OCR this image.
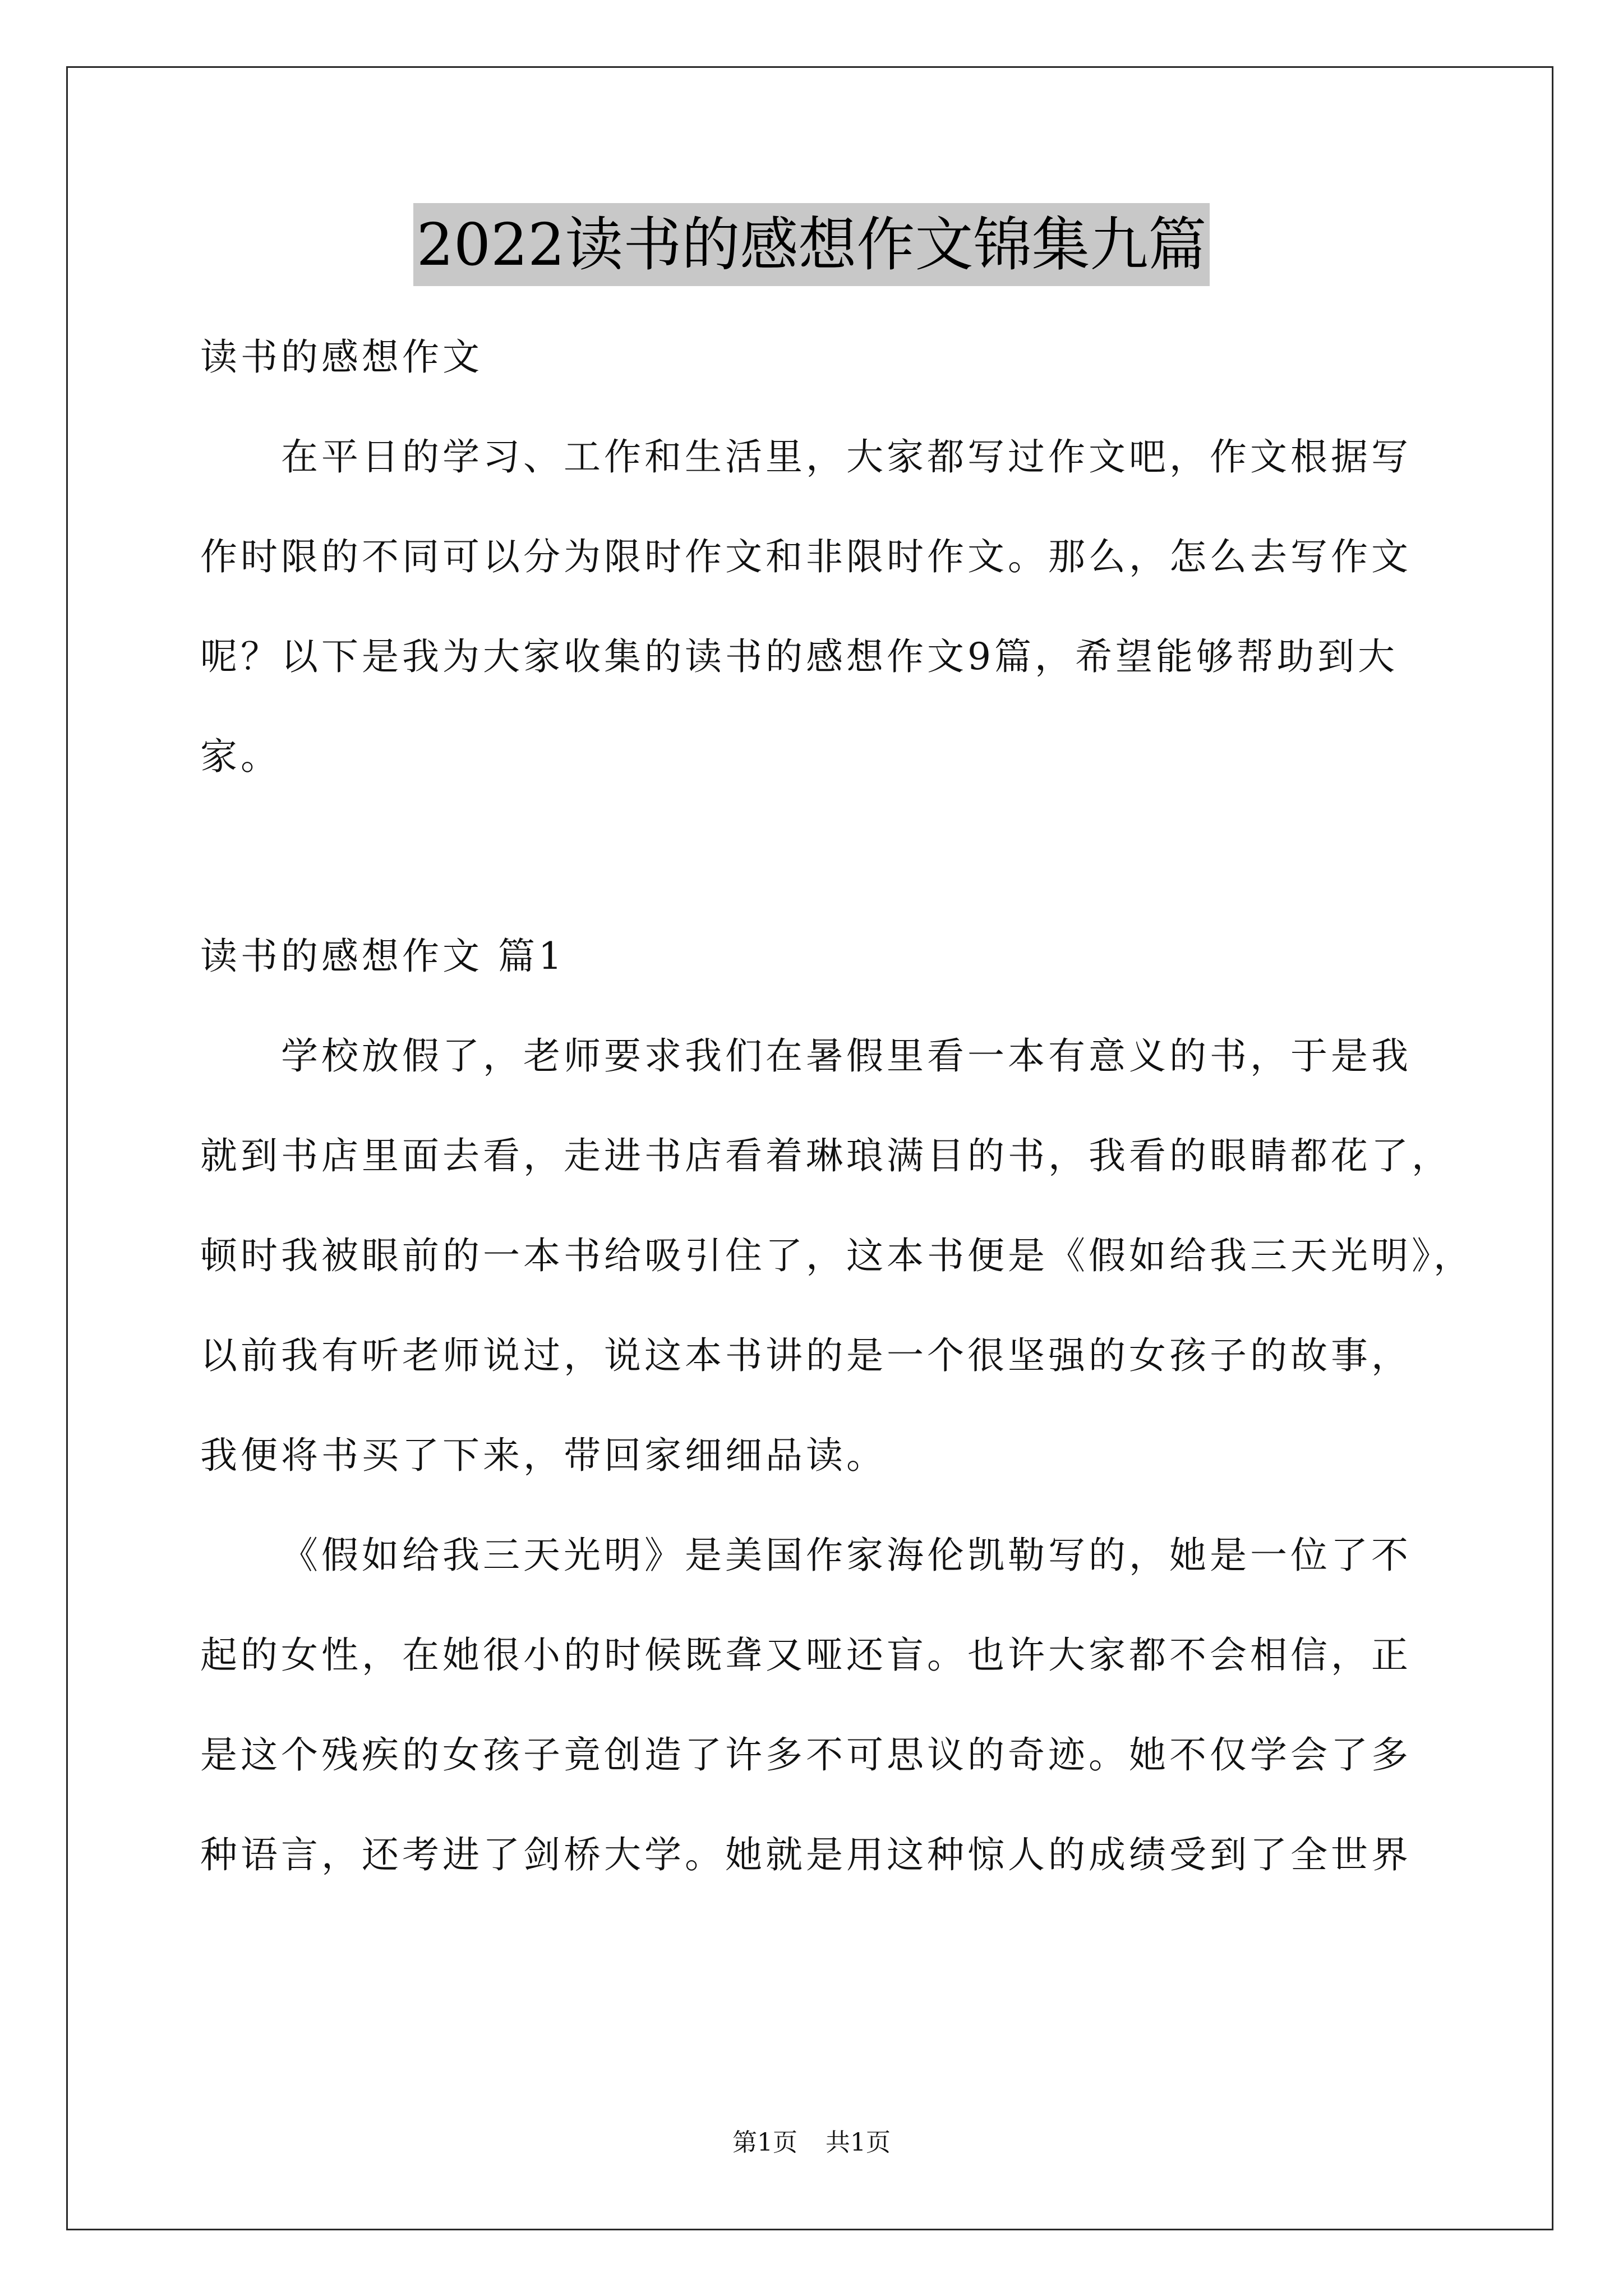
2022读书的感想作文锦集九篇
读书的感想作文
在平日的学习、工作和生活里，大家都写过作文吧，作文根据写
作时限的不同可以分为限时作文和非限时作文。那么，怎么去写作文
呢？以下是我为大家收集的读书的感想作文9篇，希望能够帮助到大
家。
读书的感想作文 篇1
学校放假了，老师要求我们在暑假里看一本有意义的书，于是我
就到书店里面去看，走进书店看着琳琅满目的书，我看的眼睛都花了，
顿时我被眼前的一本书给吸引住了，这本书便是《假如给我三天光明》，
以前我有听老师说过，说这本书讲的是一个很坚强的女孩子的故事，
我便将书买了下来，带回家细细品读。
《假如给我三天光明》是美国作家海伦凯勒写的，她是一位了不
起的女性，在她很小的时候既聋又哑还盲。也许大家都不会相信，正
是这个残疾的女孩子竟创造了许多不可思议的奇迹。她不仅学会了多
种语言，还考进了剑桥大学。她就是用这种惊人的成绩受到了全世界
第1页 共1页
